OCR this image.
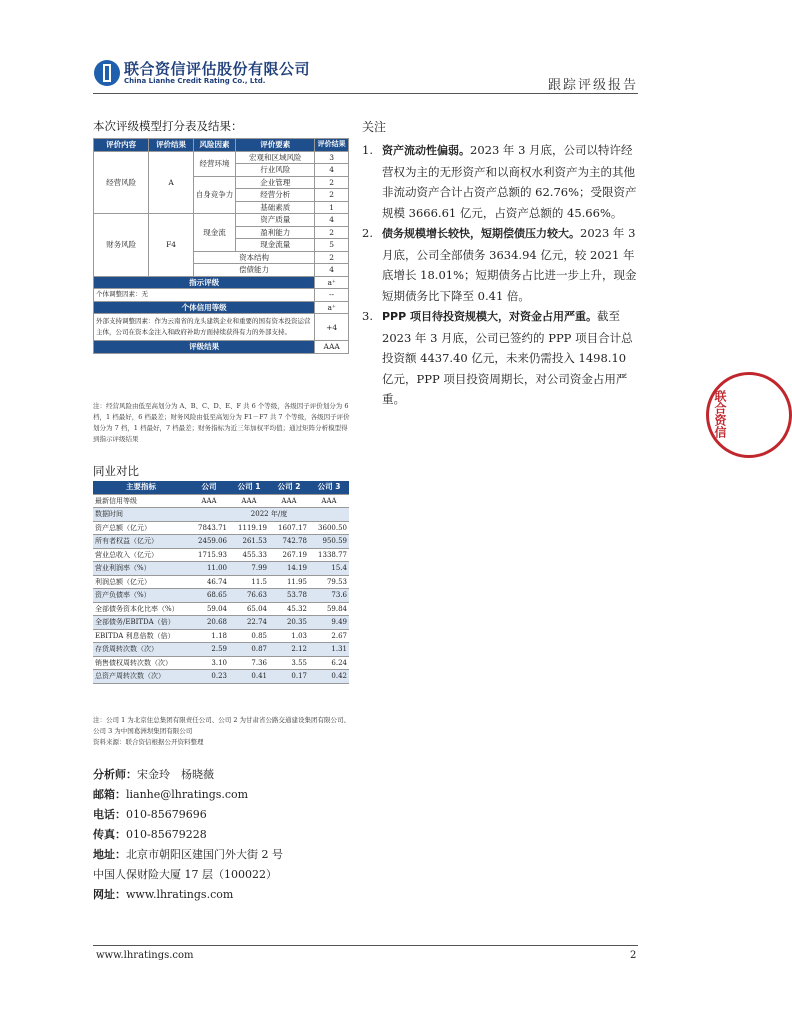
联合资信评估股份有限公司
China Lianhe Credit Rating Co., Ltd.	跟踪评级报告
本次评级模型打分表及结果：
评价内容	评价结果	风险因素	评价要素	评价结果
经营风险	A	经营环境	宏观和区域风险	3
			行业风险	4
		自身竞争力	企业管理	2
			经营分析	2
			基础素质	1
财务风险	F4	现金流	资产质量	4
			盈利能力	2
			现金流量	5
		资本结构		2
		偿债能力		4
指示评级				a⁺
个体调整因素：无				--
个体信用等级				a⁺
外部支持调整因素：作为云南省的龙头建筑企业和重要的国有资本投资运营主体，公司在资本金注入和政府补助方面持续获得有力的外部支持。				+4
评级结果				AAA
注：经营风险由低至高划分为 A、B、C、D、E、F 共 6 个等级，各级因子评价划分为 6 档，1 档最好，6 档最差；财务风险由低至高划分为 F1－F7 共 7 个等级，各级因子评价划分为 7 档，1 档最好，7 档最差；财务指标为近三年加权平均值；通过矩阵分析模型得到指示评级结果
同业对比
主要指标	公司	公司 1	公司 2	公司 3
最新信用等级	AAA	AAA	AAA	AAA
数据时间	2022 年/度			
资产总额（亿元）	7843.71	1119.19	1607.17	3600.50
所有者权益（亿元）	2459.06	261.53	742.78	950.59
营业总收入（亿元）	1715.93	455.33	267.19	1338.77
营业利润率（%）	11.00	7.99	14.19	15.4
利润总额（亿元）	46.74	11.5	11.95	79.53
资产负债率（%）	68.65	76.63	53.78	73.6
全部债务资本化比率（%）	59.04	65.04	45.32	59.84
全部债务/EBITDA（倍）	20.68	22.74	20.35	9.49
EBITDA 利息倍数（倍）	1.18	0.85	1.03	2.67
存货周转次数（次）	2.59	0.87	2.12	1.31
销售债权周转次数（次）	3.10	7.36	3.55	6.24
总资产周转次数（次）	0.23	0.41	0.17	0.42
注：公司 1 为北京住总集团有限责任公司、公司 2 为甘肃省公路交通建设集团有限公司、公司 3 为中国葛洲坝集团有限公司
资料来源：联合资信根据公开资料整理
分析师：宋金玲　杨晓薇
邮箱：lianhe@lhratings.com
电话：010-85679696
传真：010-85679228
地址：北京市朝阳区建国门外大街 2 号
中国人保财险大厦 17 层（100022）
网址：www.lhratings.com
关注
1. 资产流动性偏弱。2023 年 3 月底，公司以特许经营权为主的无形资产和以商权水利资产为主的其他非流动资产合计占资产总额的 62.76%；受限资产规模 3666.61 亿元，占资产总额的 45.66%。
2. 债务规模增长较快，短期偿债压力较大。2023 年 3 月底，公司全部债务 3634.94 亿元，较 2021 年底增长 18.01%；短期债务占比进一步上升，现金短期债务比下降至 0.41 倍。
3. PPP 项目待投资规模大，对资金占用严重。截至 2023 年 3 月底，公司已签约的 PPP 项目合计总投资额 4437.40 亿元，未来仍需投入 1498.10 亿元，PPP 项目投资周期长，对公司资金占用严重。	联合资信
www.lhratings.com	2
